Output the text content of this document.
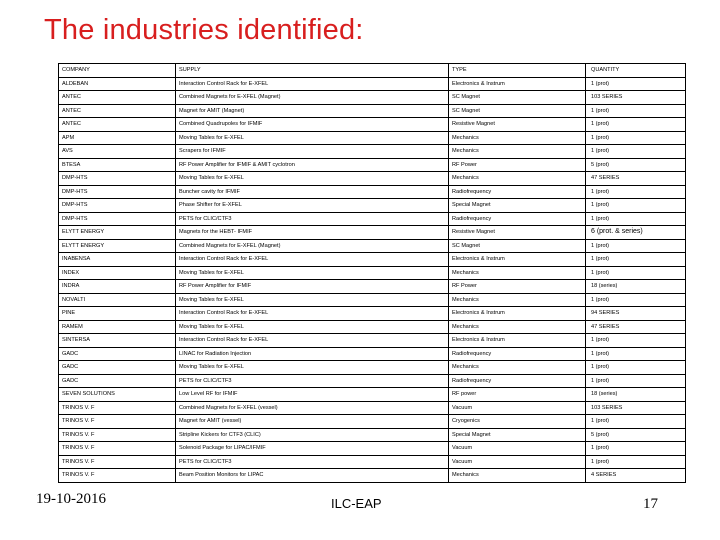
The industries identified:
COMPANY	SUPPLY	TYPE	QUANTITY
ALDEBAN	Interaction Control Rack for E-XFEL	Electronics & Instrum	1 (prot)
ANTEC	Combined Magnets for E-XFEL (Magnet)	SC Magnet	103 SERIES
ANTEC	Magnet for AMIT (Magnet)	SC Magnet	1 (prot)
ANTEC	Combined Quadrupoles for IFMIF	Resistive Magnet	1 (prot)
APM	Moving Tables for E-XFEL	Mechanics	1 (prot)
AVS	Scrapers for IFMIF	Mechanics	1 (prot)
BTESA	RF Power Amplifier for IFMIF & AMIT cyclotron	RF Power	5 (prot)
DMP-HTS	Moving Tables for E-XFEL	Mechanics	47 SERIES
DMP-HTS	Buncher cavity for IFMIF	Radiofrequency	1 (prot)
DMP-HTS	Phase Shifter for E-XFEL	Special Magnet	1 (prot)
DMP-HTS	PETS for CLIC/CTF3	Radiofrequency	1 (prot)
ELYTT ENERGY	Magnets for the HEBT- IFMIF	Resistive Magnet	6 (prot. & series)
ELYTT ENERGY	Combined Magnets for E-XFEL (Magnet)	SC Magnet	1 (prot)
INABENSA	Interaction Control Rack for E-XFEL	Electronics & Instrum	1 (prot)
INDEX	Moving Tables for E-XFEL	Mechanics	1 (prot)
INDRA	RF Power Amplifier for IFMIF	RF Power	18 (series)
NOVALTI	Moving Tables for E-XFEL	Mechanics	1 (prot)
PINE	Interaction Control Rack for E-XFEL	Electronics & Instrum	94 SERIES
RAMEM	Moving Tables for E-XFEL	Mechanics	47 SERIES
SINTERSA	Interaction Control Rack for E-XFEL	Electronics & Instrum	1 (prot)
GADC	LINAC for Radiation Injection	Radiofrequency	1 (prot)
GADC	Moving Tables for E-XFEL	Mechanics	1 (prot)
GADC	PETS for CLIC/CTF3	Radiofrequency	1 (prot)
SEVEN SOLUTIONS	Low Level RF for IFMIF	RF power	18 (series)
TRINOS V. F	Combined Magnets for E-XFEL (vessel)	Vacuum	103 SERIES
TRINOS V. F	Magnet for AMIT (vessel)	Cryogenics	1 (prot)
TRINOS V. F	Stripline Kickers for CTF3 (CLIC)	Special Magnet	5 (prot)
TRINOS V. F	Solenoid Package for LIPAC/IFMIF	Vacuum	1 (prot)
TRINOS V. F	PETS for CLIC/CTF3	Vacuum	1 (prot)
TRINOS V. F	Beam Position Monitors for LIPAC	Mechanics	4 SERIES
19-10-2016	ILC-EAP	17
